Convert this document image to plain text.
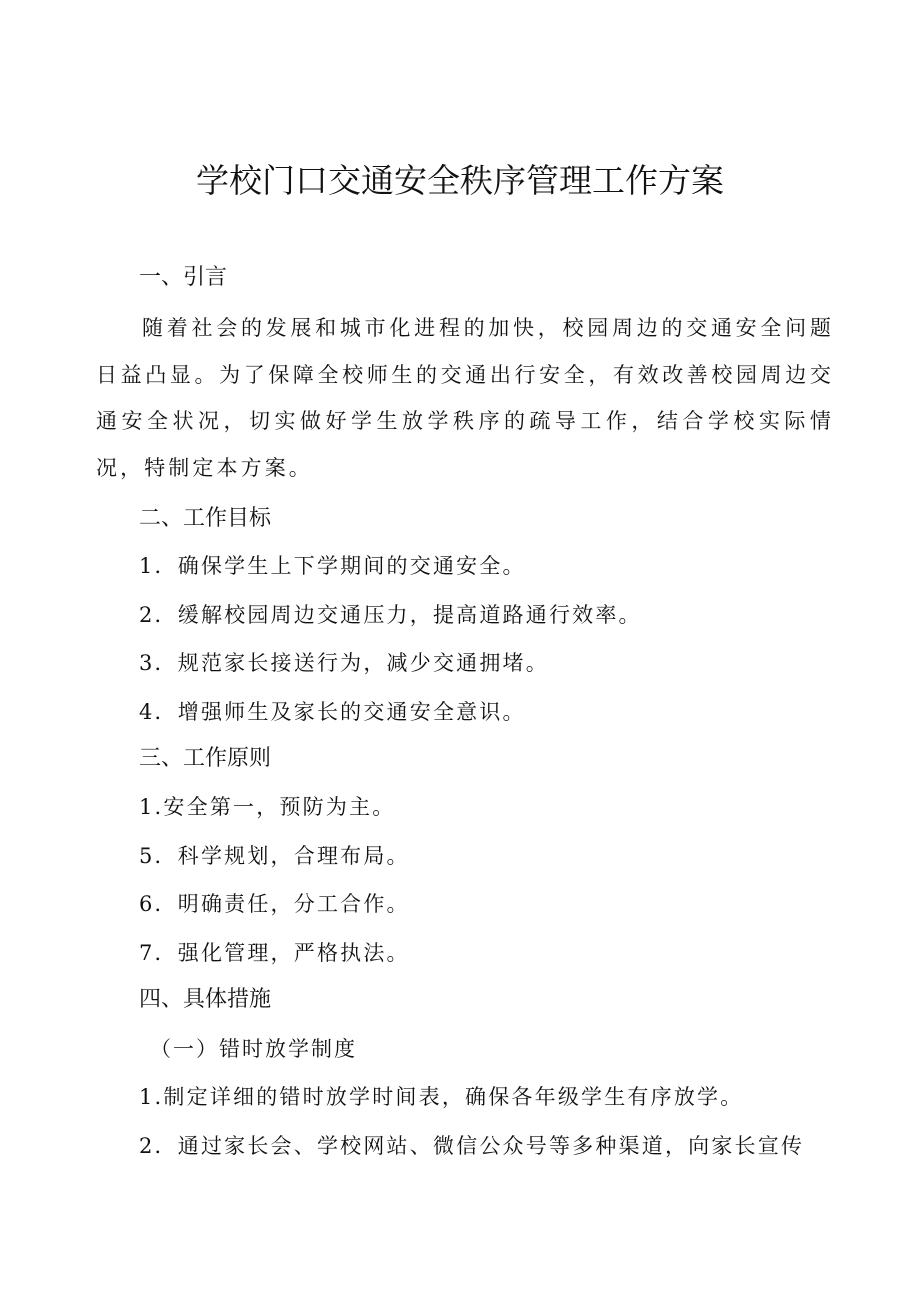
学校门口交通安全秩序管理工作方案
一、引言
随着社会的发展和城市化进程的加快，校园周边的交通安全问题日益凸显。为了保障全校师生的交通出行安全，有效改善校园周边交通安全状况，切实做好学生放学秩序的疏导工作，结合学校实际情况，特制定本方案。
二、工作目标
1．确保学生上下学期间的交通安全。
2．缓解校园周边交通压力，提高道路通行效率。
3．规范家长接送行为，减少交通拥堵。
4．增强师生及家长的交通安全意识。
三、工作原则
1.安全第一，预防为主。
5．科学规划，合理布局。
6．明确责任，分工合作。
7．强化管理，严格执法。
四、具体措施
（一）错时放学制度
1.制定详细的错时放学时间表，确保各年级学生有序放学。
2．通过家长会、学校网站、微信公众号等多种渠道，向家长宣传
